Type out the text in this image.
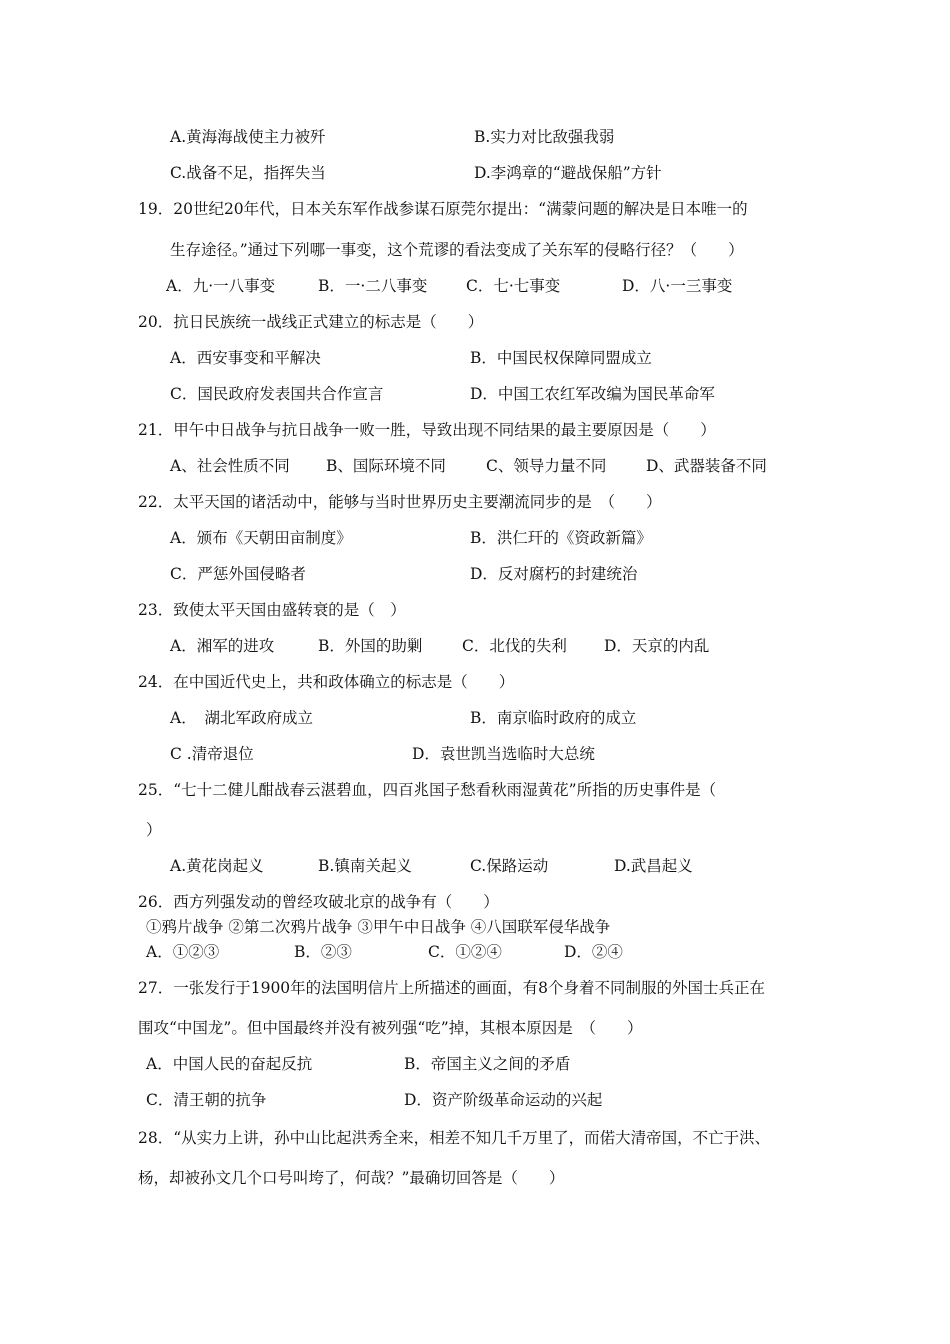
A.黄海海战使主力被歼	B.实力对比敌强我弱
C.战备不足，指挥失当	D.李鸿章的“避战保船”方针
19．20世纪20年代，日本关东军作战参谋石原莞尔提出：“满蒙问题的解决是日本唯一的
生存途径。”通过下列哪一事变，这个荒谬的看法变成了关东军的侵略行径？（　　）
A．九·一八事变	B．一·二八事变 C．七·七事变	D．八·一三事变
20．抗日民族统一战线正式建立的标志是（　　）
A．西安事变和平解决	B．中国民权保障同盟成立
C．国民政府发表国共合作宣言	D．中国工农红军改编为国民革命军
21．甲午中日战争与抗日战争一败一胜，导致出现不同结果的最主要原因是（　　）
A、社会性质不同 B、国际环境不同	C、领导力量不同	D、武器装备不同
22．太平天国的诸活动中，能够与当时世界历史主要潮流同步的是　（　　）
A．颁布《天朝田亩制度》	B．洪仁玕的《资政新篇》
C．严惩外国侵略者	D．反对腐朽的封建统治
23．致使太平天国由盛转衰的是（　）
A．湘军的进攻	B．外国的助剿	C．北伐的失利 D．天京的内乱
24．在中国近代史上，共和政体确立的标志是（　　）
A．　湖北军政府成立	B．南京临时政府的成立
C .清帝退位	D．袁世凯当选临时大总统
25．“七十二健儿酣战春云湛碧血，四百兆国子愁看秋雨湿黄花”所指的历史事件是（
）
A.黄花岗起义	B.镇南关起义	C.保路运动	D.武昌起义
26．西方列强发动的曾经攻破北京的战争有（　　）
①鸦片战争 ②第二次鸦片战争 ③甲午中日战争 ④八国联军侵华战争
A．①②③	B．②③	C．①②④	D．②④
27．一张发行于1900年的法国明信片上所描述的画面，有8个身着不同制服的外国士兵正在
围攻“中国龙”。但中国最终并没有被列强“吃”掉，其根本原因是　（　　）
A．中国人民的奋起反抗	B．帝国主义之间的矛盾
C．清王朝的抗争	D．资产阶级革命运动的兴起
28．“从实力上讲，孙中山比起洪秀全来，相差不知几千万里了，而偌大清帝国，不亡于洪、
杨，却被孙文几个口号叫垮了，何哉？”最确切回答是（　　）
